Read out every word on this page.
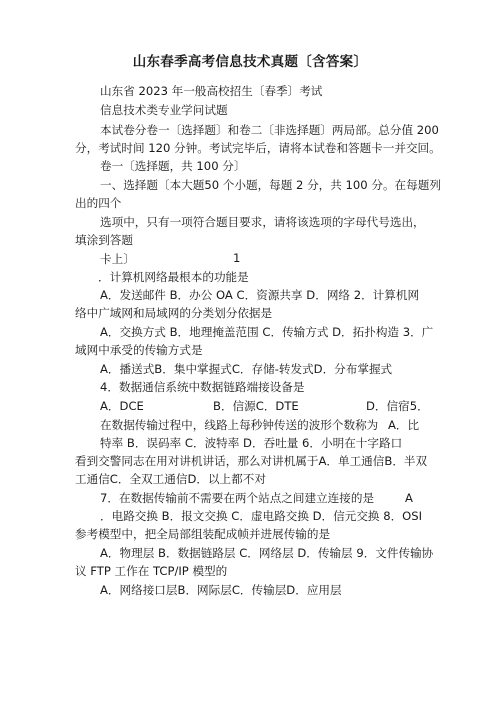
山东春季高考信息技术真题〔含答案〕
山东省 2023 年一般高校招生〔春季〕考试
信息技术类专业学问试题
本试卷分卷一〔选择题〕和卷二〔非选择题〕两局部。总分值 200
分，考试时间 120 分钟。考试完毕后，请将本试卷和答题卡一并交回。
卷一〔选择题，共 100 分〕
一、选择题〔本大题50 个小题，每题 2 分，共 100 分。在每题列
出的四个
选项中，只有一项符合题目要求，请将该选项的字母代号选出，
填涂到答题
卡上〕	1
．计算机网络最根本的功能是
A．发送邮件 B．办公 OA C．资源共享 D．网络 2．计算机网
络中广域网和局域网的分类划分依据是
A．交换方式 B．地理掩盖范围 C．传输方式 D．拓扑构造 3．广
域网中承受的传输方式是
A．播送式B．集中掌握式C．存储-转发式D．分布掌握式
4．数据通信系统中数据链路端接设备是
A．DCE	B．信源C．DTE	D．信宿5．
在数据传输过程中，线路上每秒钟传送的波形个数称为 A．比
特率 B．误码率 C．波特率 D．吞吐量 6．小明在十字路口
看到交警同志在用对讲机讲话，那么对讲机属于A．单工通信B．半双
工通信C．全双工通信D．以上都不对
7．在数据传输前不需要在两个站点之间建立连接的是	A
．电路交换 B．报文交换 C．虚电路交换 D．信元交换 8．OSI
参考模型中，把全局部组装配成帧并进展传输的是
A．物理层 B．数据链路层 C．网络层 D．传输层 9．文件传输协
议 FTP 工作在 TCP/IP 模型的
A．网络接口层B．网际层C．传输层D．应用层
